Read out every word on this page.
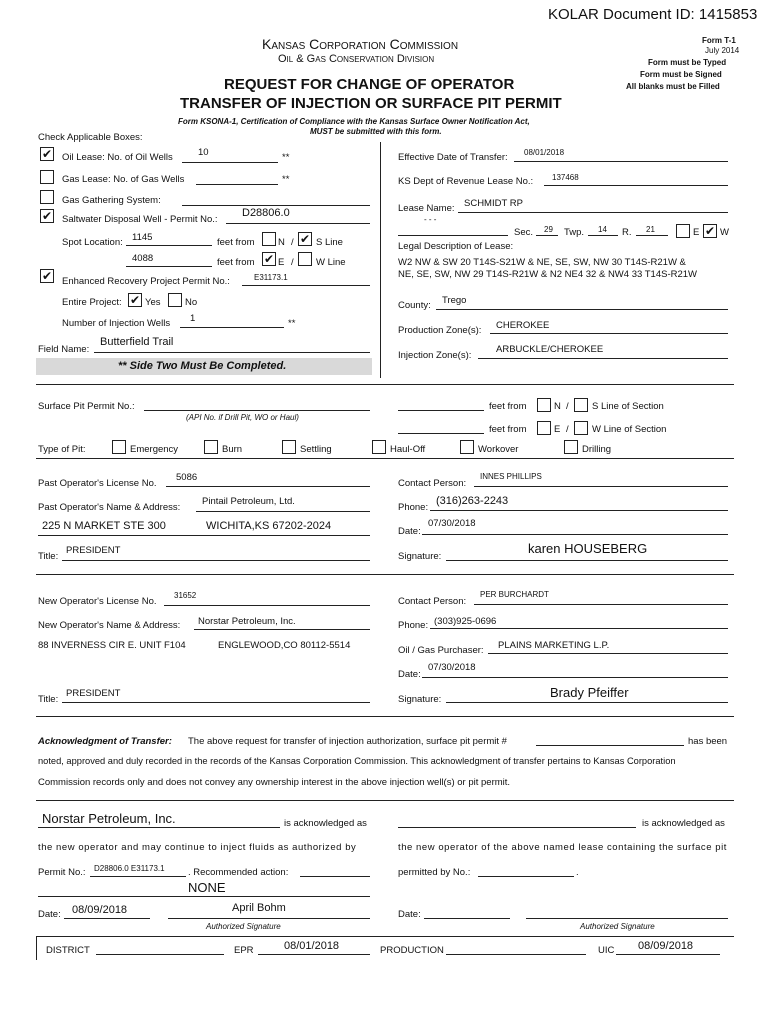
KOLAR Document ID: 1415853
Kansas Corporation Commission
Oil & Gas Conservation Division
REQUEST FOR CHANGE OF OPERATOR
TRANSFER OF INJECTION OR SURFACE PIT PERMIT
Form KSONA-1, Certification of Compliance with the Kansas Surface Owner Notification Act,
MUST be submitted with this form.
Form T-1
July 2014
Form must be Typed
Form must be Signed
All blanks must be Filled
Check Applicable Boxes:
✔ Oil Lease: No. of Oil Wells	10	**
Gas Lease: No. of Gas Wells	**
Gas Gathering System:
✔ Saltwater Disposal Well - Permit No.:
D28806.0
Spot Location: 1145	feet from N / ✔ S Line
4088	feet from ✔ E / W Line
✔ Enhanced Recovery Project Permit No.:	E31173.1
Entire Project: ✔ Yes	No
Number of Injection Wells 1	**
Field Name:
Butterfield Trail
** Side Two Must Be Completed.
Effective Date of Transfer: 08/01/2018
KS Dept of Revenue Lease No.: 137468
Lease Name: SCHMIDT RP
- - -
Sec. 29 Twp. 14 R. 21	E ✔ W
Legal Description of Lease:
W2 NW & SW 20 T14S-S21W & NE, SE, SW, NW 30 T14S-R21W &
NE, SE, SW, NW 29 T14S-R21W & N2 NE4 32 & NW4 33 T14S-R21W
County: Trego
Production Zone(s): CHEROKEE
Injection Zone(s):
ARBUCKLE/CHEROKEE
Surface Pit Permit No.:
(API No. if Drill Pit, WO or Haul)
feet from	N / S Line of Section
feet from	E / W Line of Section
Type of Pit:	Emergency	Burn	Settling	Haul-Off	Workover	Drilling
Past Operator's License No.
5086
Past Operator's Name & Address:
Pintail Petroleum, Ltd.
225 N MARKET STE 300	WICHITA,KS 67202-2024
Title:
PRESIDENT
Contact Person:
INNES PHILLIPS
Phone:
(316)263-2243
Date:
07/30/2018
Signature:
karen HOUSEBERG
New Operator's License No.
31652
New Operator's Name & Address: Norstar Petroleum, Inc.
88 INVERNESS CIR E. UNIT F104	ENGLEWOOD,CO 80112-5514
Title:
PRESIDENT
Contact Person:
PER BURCHARDT
Phone: (303)925-0696
Oil / Gas Purchaser: PLAINS MARKETING L.P.
Date:
07/30/2018
Signature:	Brady Pfeiffer
Acknowledgment of Transfer: The above request for transfer of injection authorization, surface pit permit #	has been
noted, approved and duly recorded in the records of the Kansas Corporation Commission. This acknowledgment of transfer pertains to Kansas Corporation
Commission records only and does not convey any ownership interest in the above injection well(s) or pit permit.
Norstar Petroleum, Inc.	is acknowledged as
the new operator and may continue to inject fluids as authorized by
Permit No.: D28806.0 E31173.1 . Recommended action:
NONE
Date: 08/09/2018	April Bohm
Authorized Signature
is acknowledged as
the new operator of the above named lease containing the surface pit
permitted by No.:	.
Date:
Authorized Signature
DISTRICT	EPR	08/01/2018	PRODUCTION	UIC 08/09/2018
